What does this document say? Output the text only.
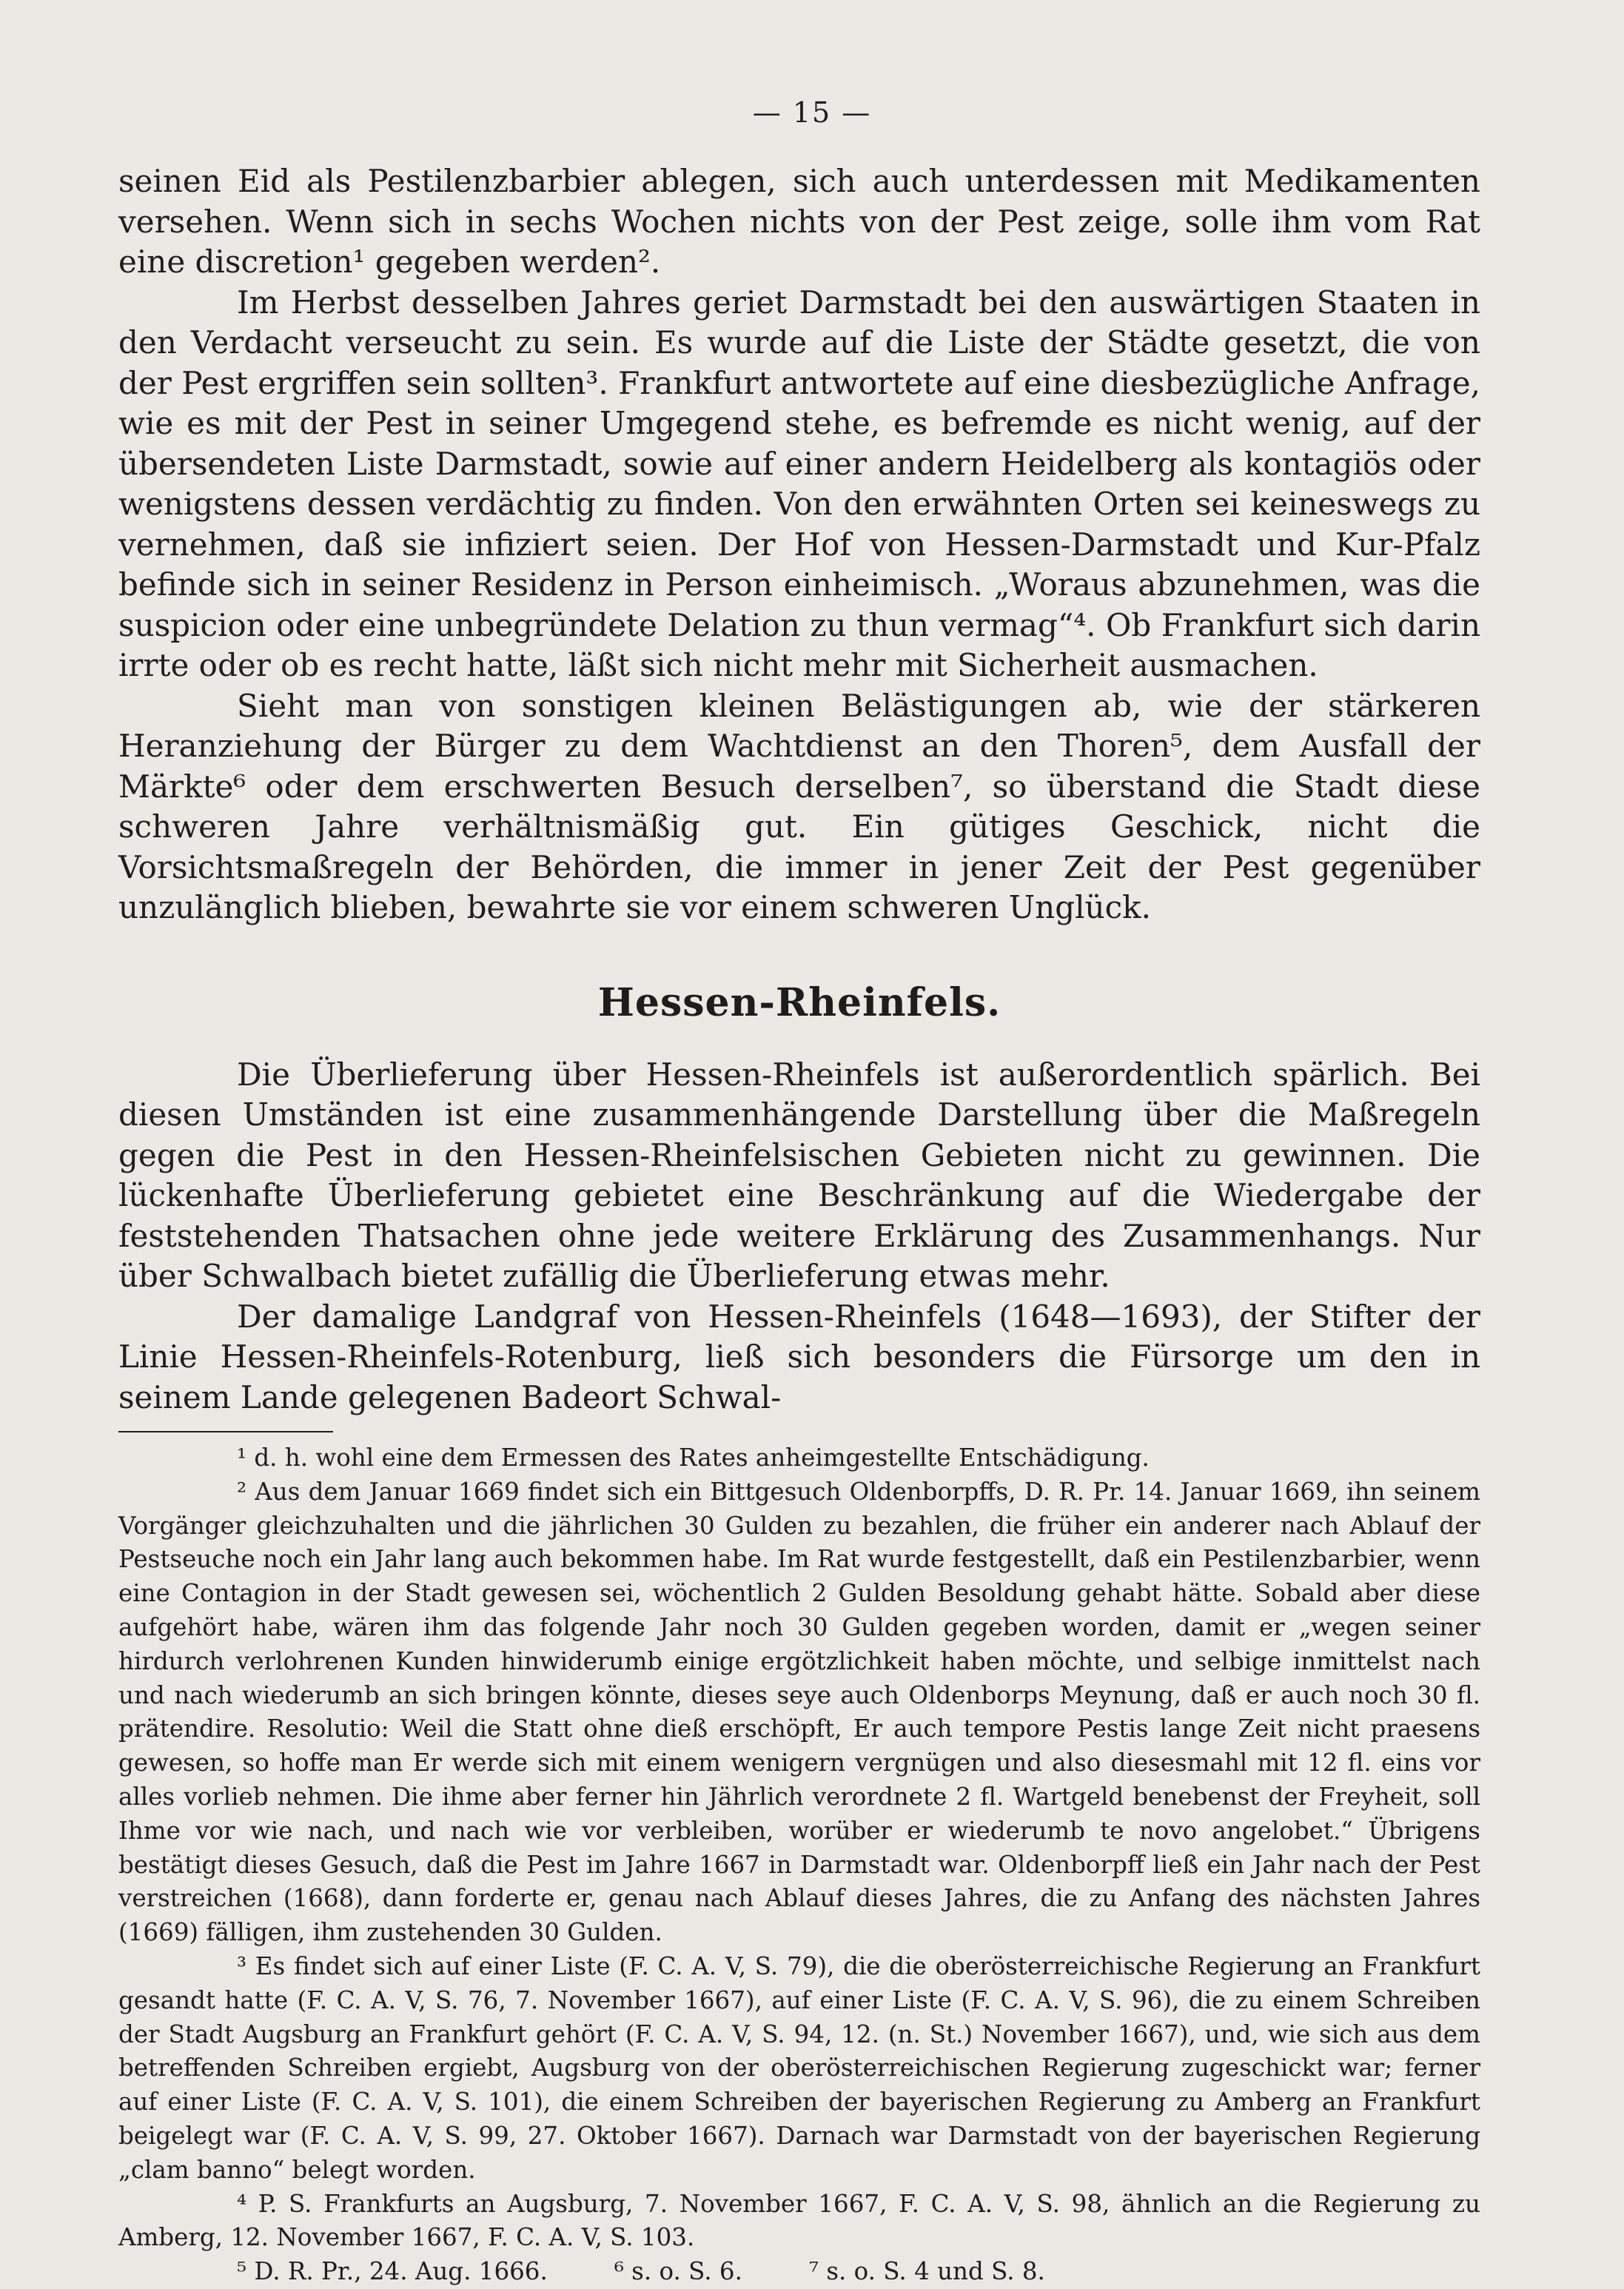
— 15 —

seinen Eid als Pestilenzbarbier ablegen, sich auch unterdessen mit Medikamenten versehen. Wenn sich in sechs Wochen nichts von der Pest zeige, solle ihm vom Rat eine discretion¹ gegeben werden².

Im Herbst desselben Jahres geriet Darmstadt bei den auswärtigen Staaten in den Verdacht verseucht zu sein. Es wurde auf die Liste der Städte gesetzt, die von der Pest ergriffen sein sollten³. Frankfurt antwortete auf eine diesbezügliche Anfrage, wie es mit der Pest in seiner Umgegend stehe, es befremde es nicht wenig, auf der übersendeten Liste Darmstadt, sowie auf einer andern Heidelberg als kontagiös oder wenigstens dessen verdächtig zu finden. Von den erwähnten Orten sei keineswegs zu vernehmen, daß sie infiziert seien. Der Hof von Hessen-Darmstadt und Kur-Pfalz befinde sich in seiner Residenz in Person einheimisch. „Woraus abzunehmen, was die suspicion oder eine unbegründete Delation zu thun vermag“⁴. Ob Frankfurt sich darin irrte oder ob es recht hatte, läßt sich nicht mehr mit Sicherheit ausmachen.

Sieht man von sonstigen kleinen Belästigungen ab, wie der stärkeren Heranziehung der Bürger zu dem Wachtdienst an den Thoren⁵, dem Ausfall der Märkte⁶ oder dem erschwerten Besuch derselben⁷, so überstand die Stadt diese schweren Jahre verhältnismäßig gut. Ein gütiges Geschick, nicht die Vorsichtsmaßregeln der Behörden, die immer in jener Zeit der Pest gegenüber unzulänglich blieben, bewahrte sie vor einem schweren Unglück.

Hessen-Rheinfels.

Die Überlieferung über Hessen-Rheinfels ist außerordentlich spärlich. Bei diesen Umständen ist eine zusammenhängende Darstellung über die Maßregeln gegen die Pest in den Hessen-Rheinfelsischen Gebieten nicht zu gewinnen. Die lückenhafte Überlieferung gebietet eine Beschränkung auf die Wiedergabe der feststehenden Thatsachen ohne jede weitere Erklärung des Zusammenhangs. Nur über Schwalbach bietet zufällig die Überlieferung etwas mehr.

Der damalige Landgraf von Hessen-Rheinfels (1648—1693), der Stifter der Linie Hessen-Rheinfels-Rotenburg, ließ sich besonders die Fürsorge um den in seinem Lande gelegenen Badeort Schwal-

¹ d. h. wohl eine dem Ermessen des Rates anheimgestellte Entschädigung.

² Aus dem Januar 1669 findet sich ein Bittgesuch Oldenborpffs, D. R. Pr. 14. Januar 1669, ihn seinem Vorgänger gleichzuhalten und die jährlichen 30 Gulden zu bezahlen, die früher ein anderer nach Ablauf der Pestseuche noch ein Jahr lang auch bekommen habe. Im Rat wurde festgestellt, daß ein Pestilenzbarbier, wenn eine Contagion in der Stadt gewesen sei, wöchentlich 2 Gulden Besoldung gehabt hätte. Sobald aber diese aufgehört habe, wären ihm das folgende Jahr noch 30 Gulden gegeben worden, damit er „wegen seiner hirdurch verlohrenen Kunden hinwiderumb einige ergötzlichkeit haben möchte, und selbige inmittelst nach und nach wiederumb an sich bringen könnte, dieses seye auch Oldenborps Meynung, daß er auch noch 30 fl. prätendire. Resolutio: Weil die Statt ohne dieß erschöpft, Er auch tempore Pestis lange Zeit nicht praesens gewesen, so hoffe man Er werde sich mit einem wenigern vergnügen und also diesesmahl mit 12 fl. eins vor alles vorlieb nehmen. Die ihme aber ferner hin Jährlich verordnete 2 fl. Wartgeld benebenst der Freyheit, soll Ihme vor wie nach, und nach wie vor verbleiben, worüber er wiederumb te novo angelobet.“ Übrigens bestätigt dieses Gesuch, daß die Pest im Jahre 1667 in Darmstadt war. Oldenborpff ließ ein Jahr nach der Pest verstreichen (1668), dann forderte er, genau nach Ablauf dieses Jahres, die zu Anfang des nächsten Jahres (1669) fälligen, ihm zustehenden 30 Gulden.

³ Es findet sich auf einer Liste (F. C. A. V, S. 79), die die oberösterreichische Regierung an Frankfurt gesandt hatte (F. C. A. V, S. 76, 7. November 1667), auf einer Liste (F. C. A. V, S. 96), die zu einem Schreiben der Stadt Augsburg an Frankfurt gehört (F. C. A. V, S. 94, 12. (n. St.) November 1667), und, wie sich aus dem betreffenden Schreiben ergiebt, Augsburg von der oberösterreichischen Regierung zugeschickt war; ferner auf einer Liste (F. C. A. V, S. 101), die einem Schreiben der bayerischen Regierung zu Amberg an Frankfurt beigelegt war (F. C. A. V, S. 99, 27. Oktober 1667). Darnach war Darmstadt von der bayerischen Regierung „clam banno“ belegt worden.

⁴ P. S. Frankfurts an Augsburg, 7. November 1667, F. C. A. V, S. 98, ähnlich an die Regierung zu Amberg, 12. November 1667, F. C. A. V, S. 103.

⁵ D. R. Pr., 24. Aug. 1666.	⁶ s. o. S. 6.	⁷ s. o. S. 4 und S. 8.
